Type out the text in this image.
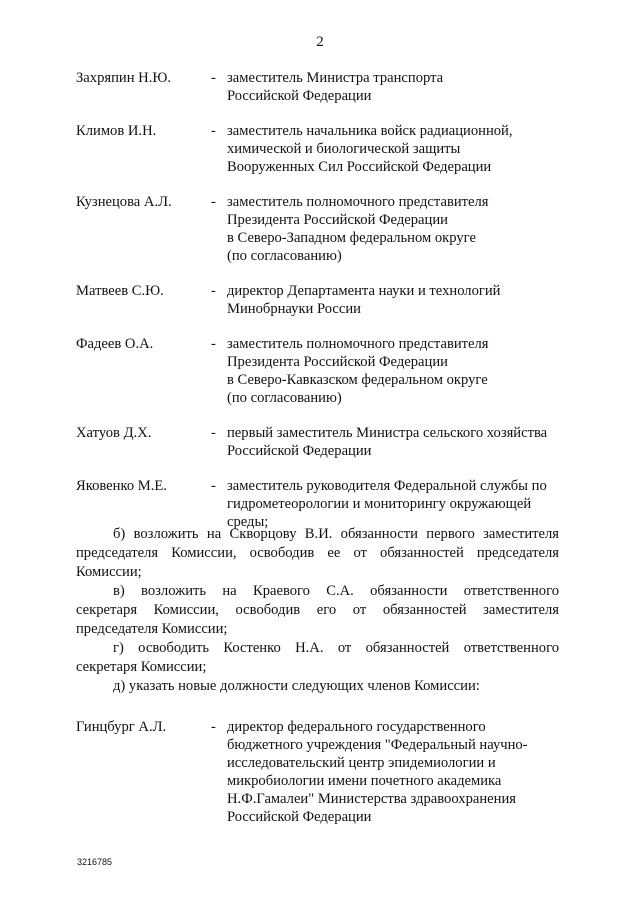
2
Захряпин Н.Ю.	- заместитель Министра транспорта
Российской Федерации
Климов И.Н.	- заместитель начальника войск радиационной,
химической и биологической защиты
Вооруженных Сил Российской Федерации
Кузнецова А.Л.	- заместитель полномочного представителя
Президента Российской Федерации
в Северо-Западном федеральном округе
(по согласованию)
Матвеев С.Ю.	- директор Департамента науки и технологий
Минобрнауки России
Фадеев О.А.	- заместитель полномочного представителя
Президента Российской Федерации
в Северо-Кавказском федеральном округе
(по согласованию)
Хатуов Д.Х.	- первый заместитель Министра сельского хозяйства
Российской Федерации
Яковенко М.Е.	- заместитель руководителя Федеральной службы по
гидрометеорологии и мониторингу окружающей
среды;
б) возложить на Скворцову В.И. обязанности первого заместителя
председателя Комиссии, освободив ее от обязанностей председателя
Комиссии;
в) возложить на Краевого С.А. обязанности ответственного
секретаря Комиссии, освободив его от обязанностей заместителя
председателя Комиссии;
г) освободить Костенко Н.А. от обязанностей ответственного
секретаря Комиссии;
д) указать новые должности следующих членов Комиссии:
Гинцбург А.Л.	- директор федерального государственного
бюджетного учреждения "Федеральный научно-
исследовательский центр эпидемиологии и
микробиологии имени почетного академика
Н.Ф.Гамалеи" Министерства здравоохранения
Российской Федерации
3216785
